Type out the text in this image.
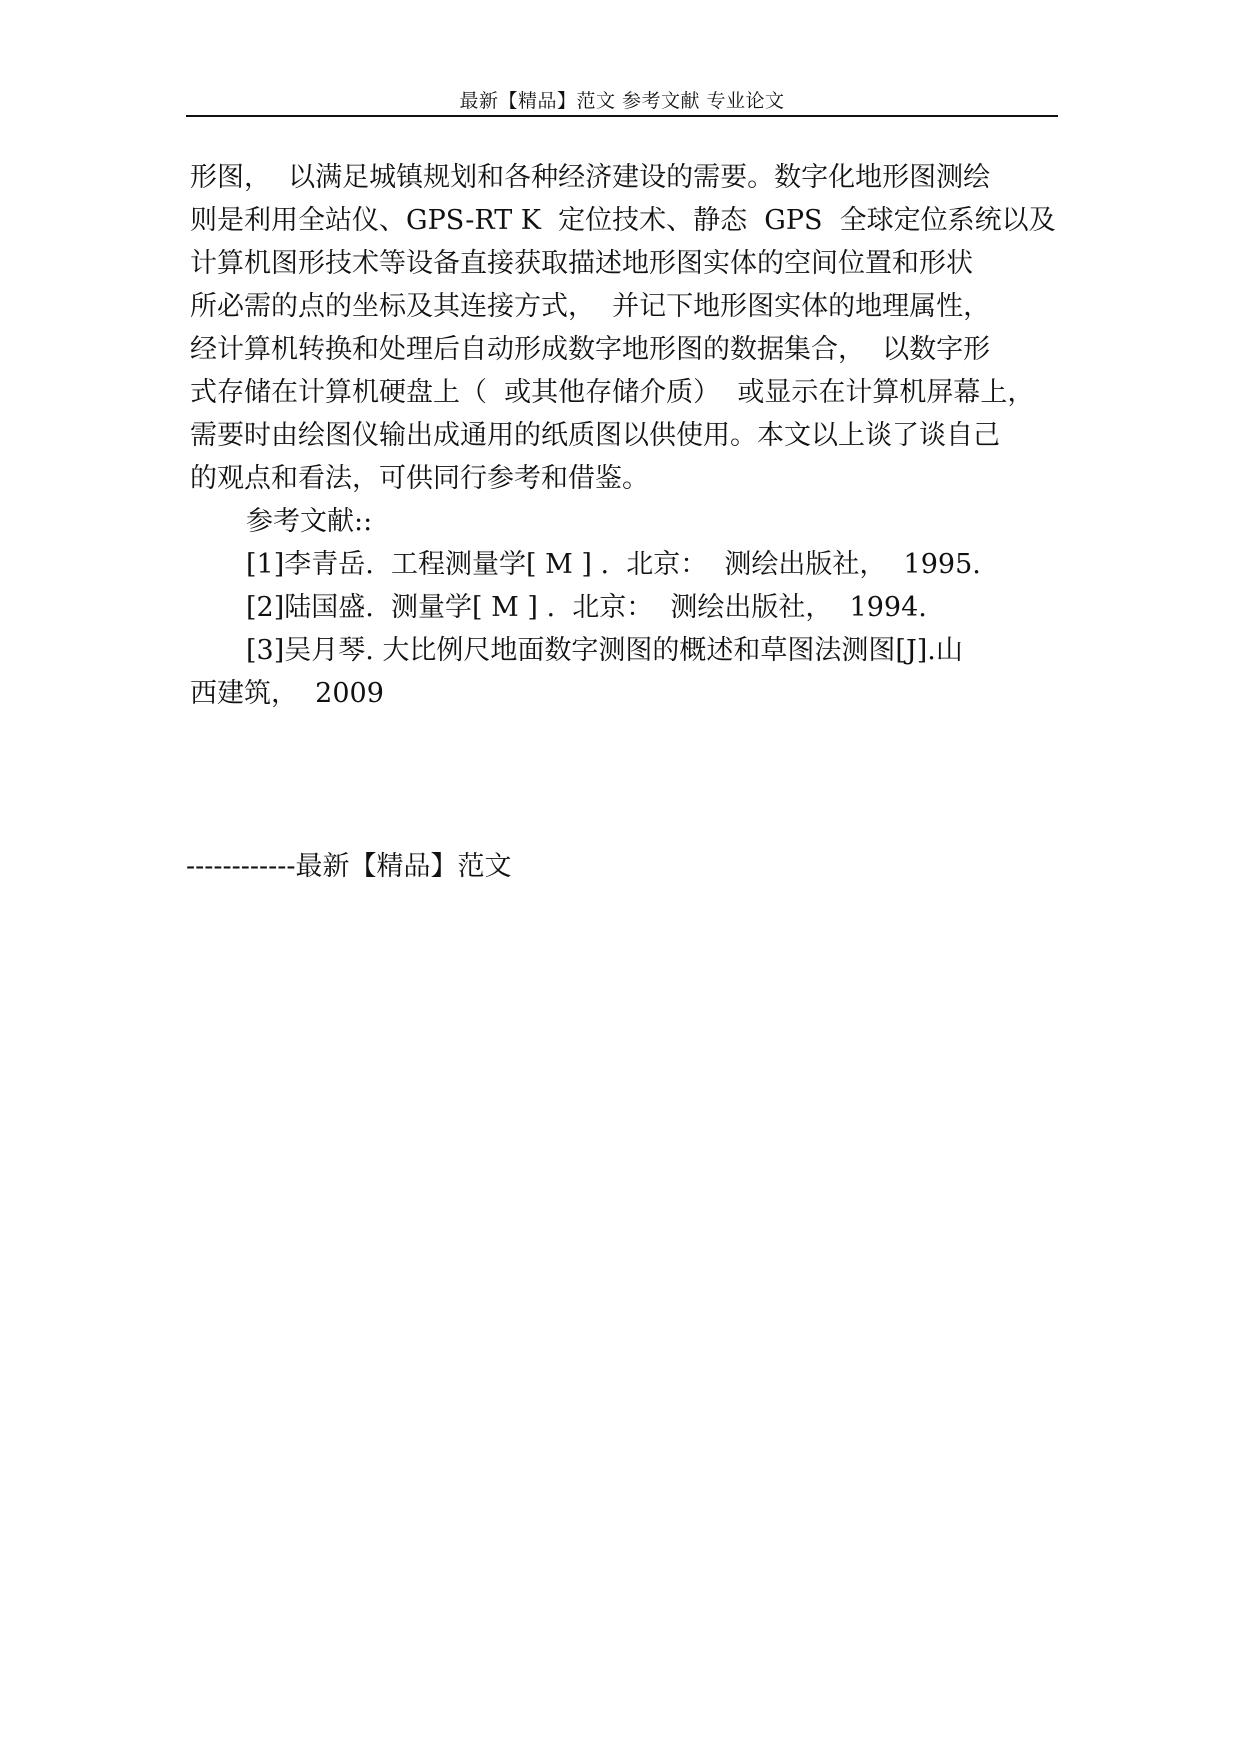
最新【精品】范文 参考文献 专业论文
形图，  以满足城镇规划和各种经济建设的需要。数字化地形图测绘
则是利用全站仪、GPS-RT K  定位技术、静态  GPS  全球定位系统以及
计算机图形技术等设备直接获取描述地形图实体的空间位置和形状
所必需的点的坐标及其连接方式，  并记下地形图实体的地理属性，
经计算机转换和处理后自动形成数字地形图的数据集合，  以数字形
式存储在计算机硬盘上（  或其他存储介质）  或显示在计算机屏幕上，
需要时由绘图仪输出成通用的纸质图以供使用。本文以上谈了谈自己
的观点和看法，可供同行参考和借鉴。
参考文献::
[1]李青岳.  工程测量学[ M ] .  北京：  测绘出版社，  1995.
[2]陆国盛.  测量学[ M ] .  北京：  测绘出版社，  1994.
[3]吴月琴. 大比例尺地面数字测图的概述和草图法测图[J].山
西建筑，  2009
------------最新【精品】范文
